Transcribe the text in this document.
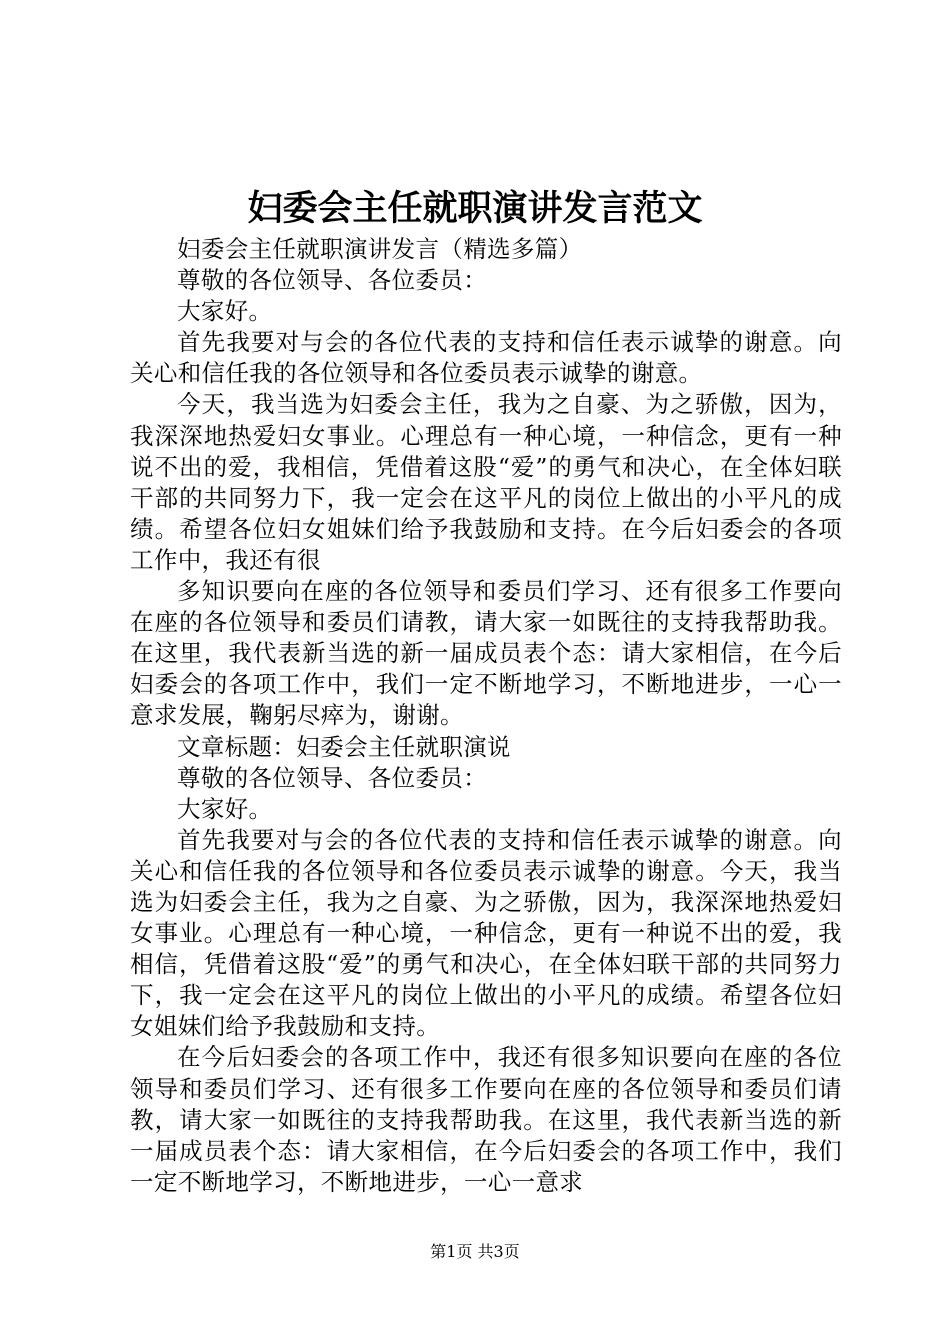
妇委会主任就职演讲发言范文

妇委会主任就职演讲发言（精选多篇）

尊敬的各位领导、各位委员：

大家好。

首先我要对与会的各位代表的支持和信任表示诚挚的谢意。向关心和信任我的各位领导和各位委员表示诚挚的谢意。

今天，我当选为妇委会主任，我为之自豪、为之骄傲，因为，我深深地热爱妇女事业。心理总有一种心境，一种信念，更有一种说不出的爱，我相信，凭借着这股“爱”的勇气和决心，在全体妇联干部的共同努力下，我一定会在这平凡的岗位上做出的小平凡的成绩。希望各位妇女姐妹们给予我鼓励和支持。在今后妇委会的各项工作中，我还有很

多知识要向在座的各位领导和委员们学习、还有很多工作要向在座的各位领导和委员们请教，请大家一如既往的支持我帮助我。在这里，我代表新当选的新一届成员表个态：请大家相信，在今后妇委会的各项工作中，我们一定不断地学习，不断地进步，一心一意求发展，鞠躬尽瘁为，谢谢。

文章标题：妇委会主任就职演说

尊敬的各位领导、各位委员：

大家好。

首先我要对与会的各位代表的支持和信任表示诚挚的谢意。向关心和信任我的各位领导和各位委员表示诚挚的谢意。今天，我当选为妇委会主任，我为之自豪、为之骄傲，因为，我深深地热爱妇女事业。心理总有一种心境，一种信念，更有一种说不出的爱，我相信，凭借着这股“爱”的勇气和决心，在全体妇联干部的共同努力下，我一定会在这平凡的岗位上做出的小平凡的成绩。希望各位妇女姐妹们给予我鼓励和支持。

在今后妇委会的各项工作中，我还有很多知识要向在座的各位领导和委员们学习、还有很多工作要向在座的各位领导和委员们请教，请大家一如既往的支持我帮助我。在这里，我代表新当选的新一届成员表个态：请大家相信，在今后妇委会的各项工作中，我们一定不断地学习，不断地进步，一心一意求

第1页 共3页
